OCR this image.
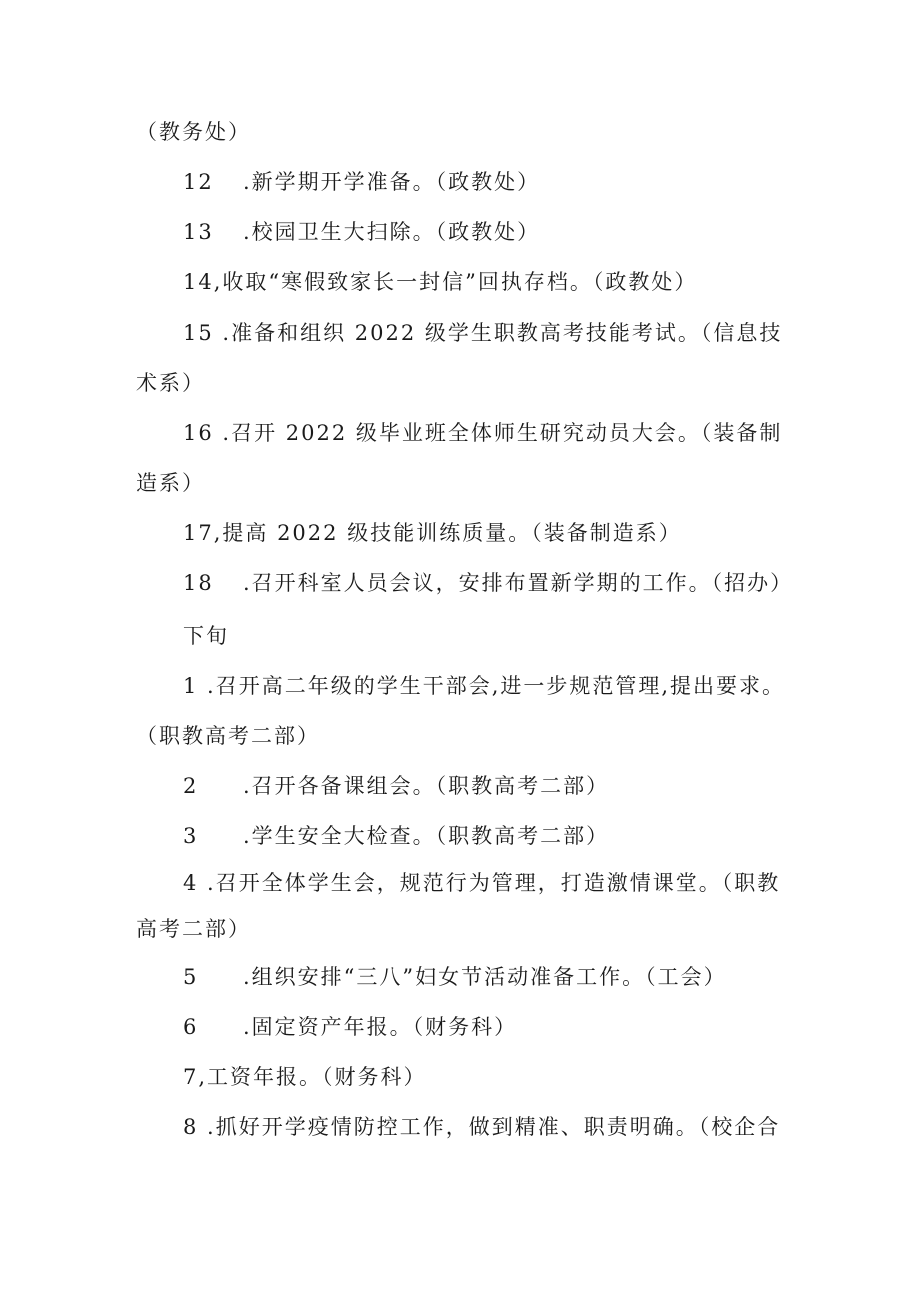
（教务处）
12 .新学期开学准备。（政教处）
13 .校园卫生大扫除。（政教处）
14,收取“寒假致家长一封信”回执存档。（政教处）
15 .准备和组织 2022 级学生职教高考技能考试。（信息技
术系）
16 .召开 2022 级毕业班全体师生研究动员大会。（装备制
造系）
17,提高 2022 级技能训练质量。（装备制造系）
18 .召开科室人员会议，安排布置新学期的工作。（招办）
下旬
1 .召开高二年级的学生干部会,进一步规范管理,提出要求。
（职教高考二部）
2 .召开各备课组会。（职教高考二部）
3 .学生安全大检查。（职教高考二部）
4 .召开全体学生会，规范行为管理，打造激情课堂。（职教
高考二部）
5 .组织安排“三八”妇女节活动准备工作。（工会）
6 .固定资产年报。（财务科）
7,工资年报。（财务科）
8 .抓好开学疫情防控工作，做到精准、职责明确。（校企合
